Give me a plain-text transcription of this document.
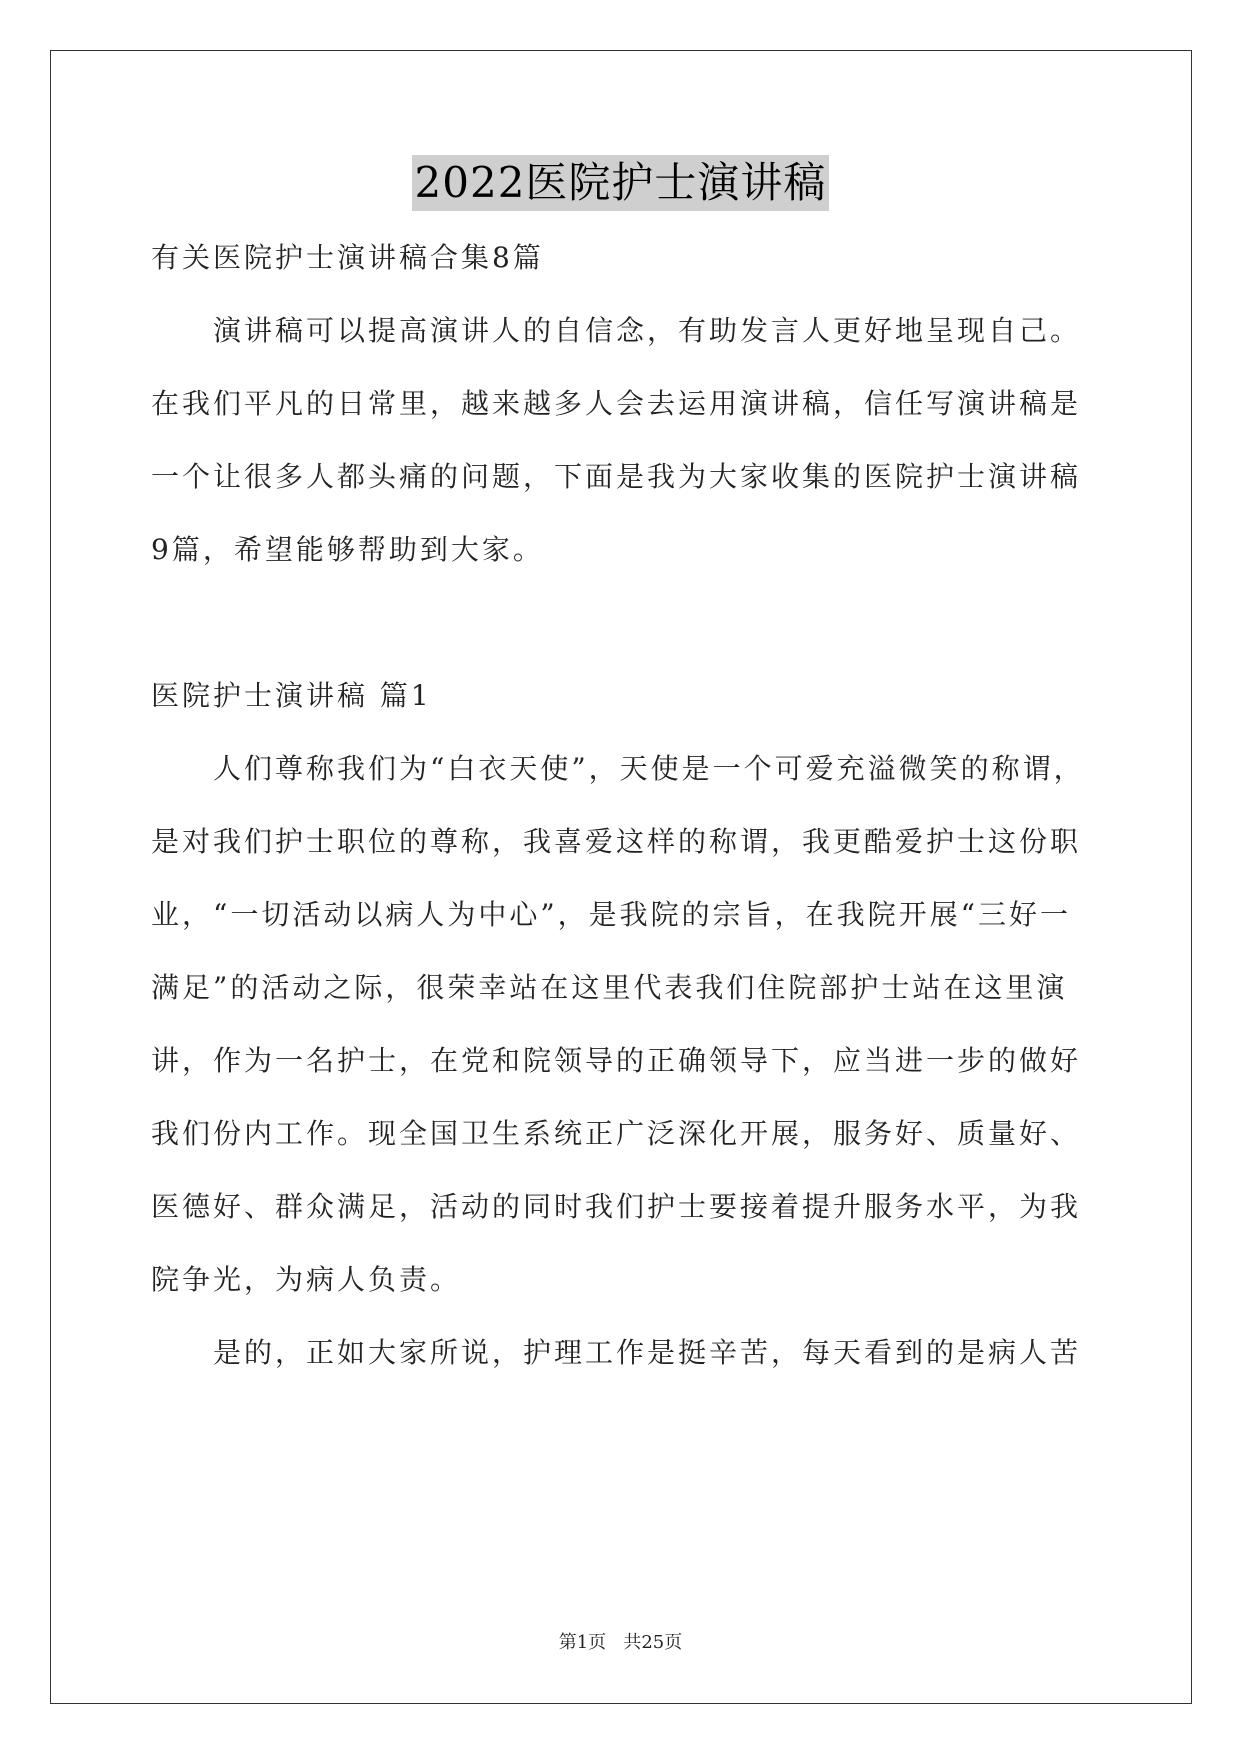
2022医院护士演讲稿
有关医院护士演讲稿合集8篇
演讲稿可以提高演讲人的自信念，有助发言人更好地呈现自己。
在我们平凡的日常里，越来越多人会去运用演讲稿，信任写演讲稿是
一个让很多人都头痛的问题，下面是我为大家收集的医院护士演讲稿
9篇，希望能够帮助到大家。
医院护士演讲稿 篇1
人们尊称我们为“白衣天使”，天使是一个可爱充溢微笑的称谓，
是对我们护士职位的尊称，我喜爱这样的称谓，我更酷爱护士这份职
业，“一切活动以病人为中心”，是我院的宗旨，在我院开展“三好一
满足”的活动之际，很荣幸站在这里代表我们住院部护士站在这里演
讲，作为一名护士，在党和院领导的正确领导下，应当进一步的做好
我们份内工作。现全国卫生系统正广泛深化开展，服务好、质量好、
医德好、群众满足，活动的同时我们护士要接着提升服务水平，为我
院争光，为病人负责。
是的，正如大家所说，护理工作是挺辛苦，每天看到的是病人苦
第1页 共25页
